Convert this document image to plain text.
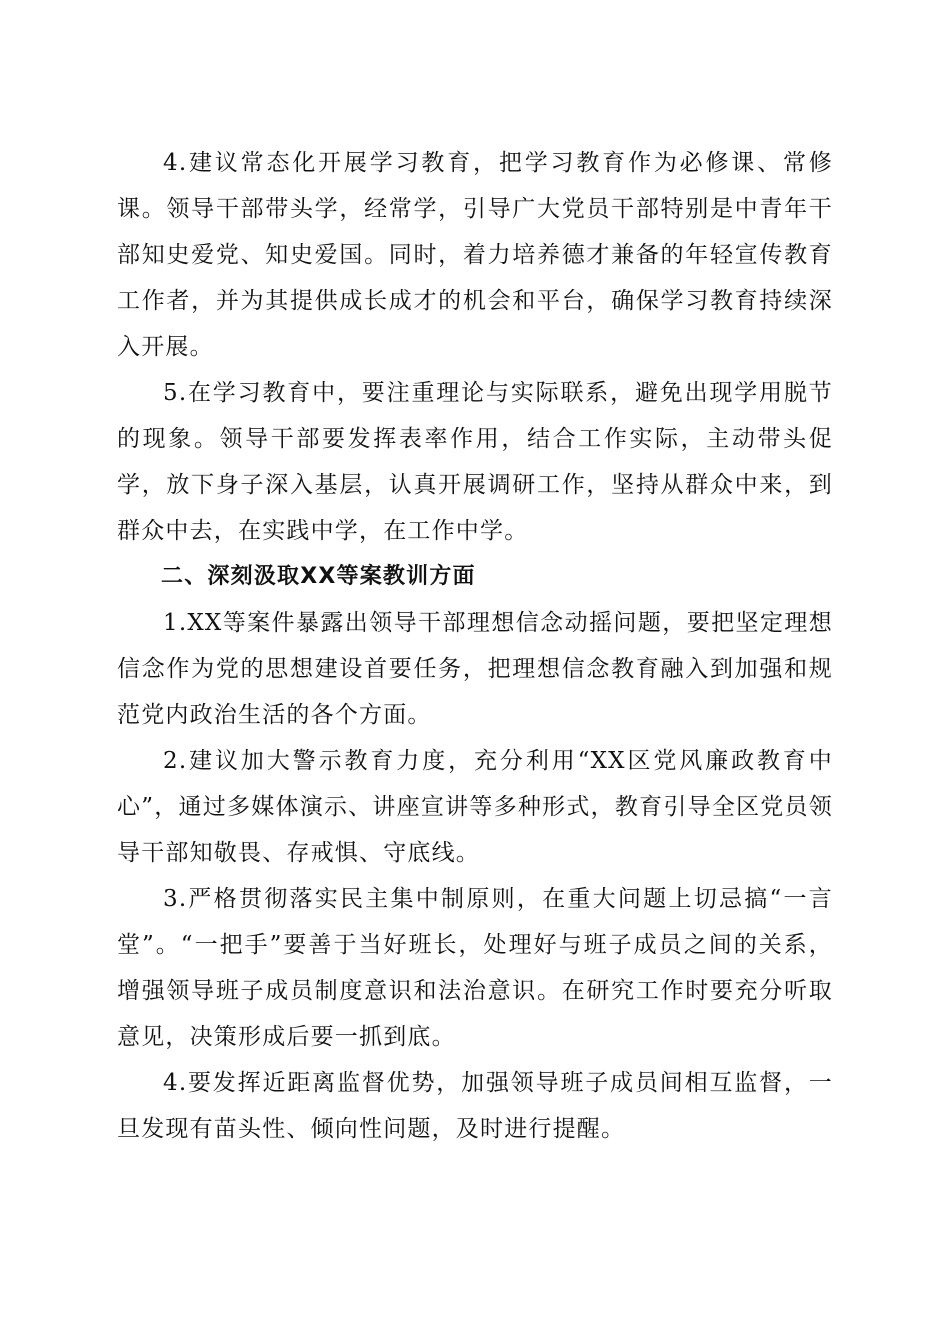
4.建议常态化开展学习教育，把学习教育作为必修课、常修课。领导干部带头学，经常学，引导广大党员干部特别是中青年干部知史爱党、知史爱国。同时，着力培养德才兼备的年轻宣传教育工作者，并为其提供成长成才的机会和平台，确保学习教育持续深入开展。

5.在学习教育中，要注重理论与实际联系，避免出现学用脱节的现象。领导干部要发挥表率作用，结合工作实际，主动带头促学，放下身子深入基层，认真开展调研工作，坚持从群众中来，到群众中去，在实践中学，在工作中学。

二、深刻汲取XX等案教训方面

1.XX等案件暴露出领导干部理想信念动摇问题，要把坚定理想信念作为党的思想建设首要任务，把理想信念教育融入到加强和规范党内政治生活的各个方面。

2.建议加大警示教育力度，充分利用“XX区党风廉政教育中心”，通过多媒体演示、讲座宣讲等多种形式，教育引导全区党员领导干部知敬畏、存戒惧、守底线。

3.严格贯彻落实民主集中制原则，在重大问题上切忌搞“一言堂”。“一把手”要善于当好班长，处理好与班子成员之间的关系，增强领导班子成员制度意识和法治意识。在研究工作时要充分听取意见，决策形成后要一抓到底。

4.要发挥近距离监督优势，加强领导班子成员间相互监督，一旦发现有苗头性、倾向性问题，及时进行提醒。
